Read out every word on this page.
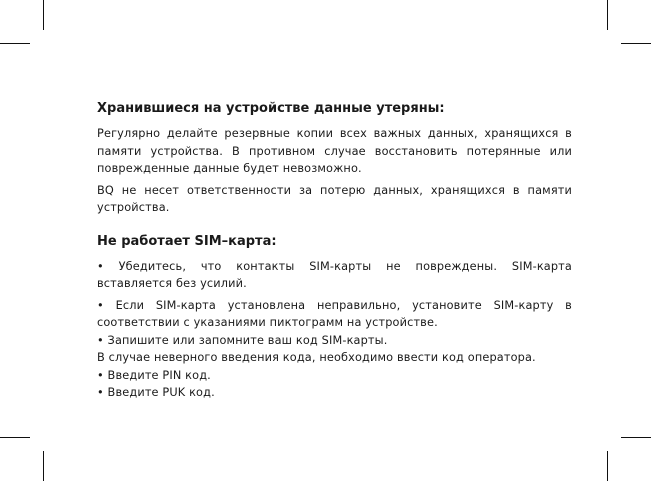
Хранившиеся на устройстве данные утеряны:

Регулярно делайте резервные копии всех важных данных, хранящихся в памяти устройства. В противном случае восстановить потерянные или поврежденные данные будет невозможно.

BQ не несет ответственности за потерю данных, хранящихся в памяти устройства.

Не работает SIM–карта:

• Убедитесь, что контакты SIM-карты не повреждены. SIM-карта вставляется без усилий.

• Если SIM-карта установлена неправильно, установите SIM-карту в соответствии с указаниями пиктограмм на устройстве.

• Запишите или запомните ваш код SIM-карты.

В случае неверного введения кода, необходимо ввести код оператора.

• Введите PIN код.

• Введите PUK код.
